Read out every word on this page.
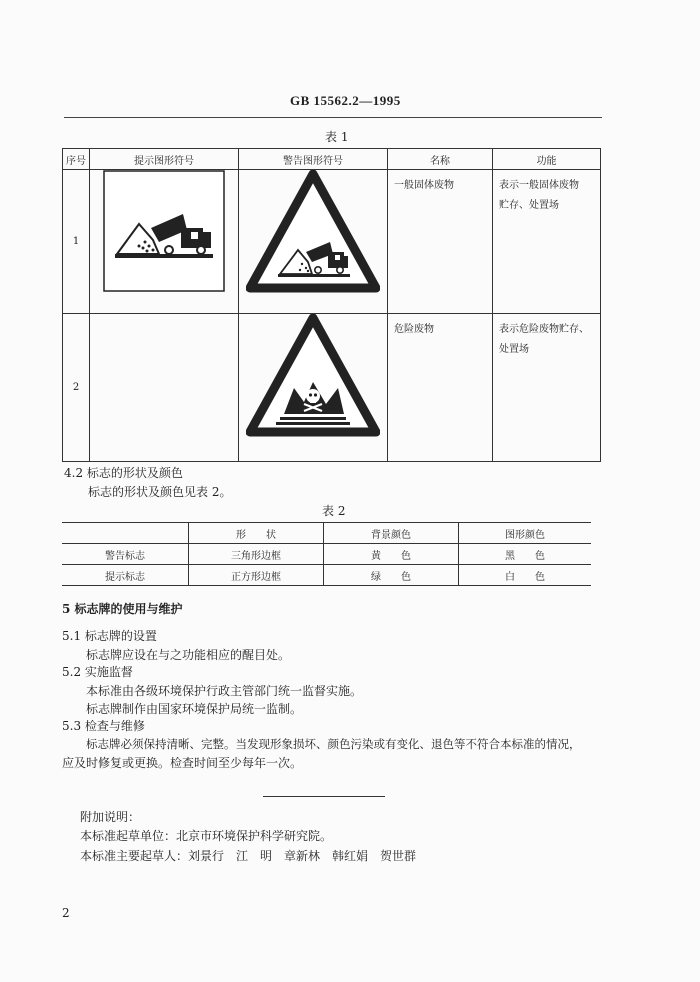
GB 15562.2—1995
表 1
序号	提示图形符号	警告图形符号	名称	功能
1			一般固体废物	表示一般固体废物
贮存、处置场

2			危险废物	表示危险废物贮存、
处置场
4.2 标志的形状及颜色
标志的形状及颜色见表 2。
表 2
	形　　状	背景颜色	图形颜色
警告标志	三角形边框	黄　　色	黑　　色
提示标志	正方形边框	绿　　色	白　　色
5 标志牌的使用与维护
5.1 标志牌的设置
标志牌应设在与之功能相应的醒目处。
5.2 实施监督
本标准由各级环境保护行政主管部门统一监督实施。
标志牌制作由国家环境保护局统一监制。
5.3 检查与维修
标志牌必须保持清晰、完整。当发现形象损坏、颜色污染或有变化、退色等不符合本标准的情况，
应及时修复或更换。检查时间至少每年一次。
附加说明：
本标准起草单位：北京市环境保护科学研究院。
本标准主要起草人：刘景行　江　明　章新林　韩红娟　贺世群
2
